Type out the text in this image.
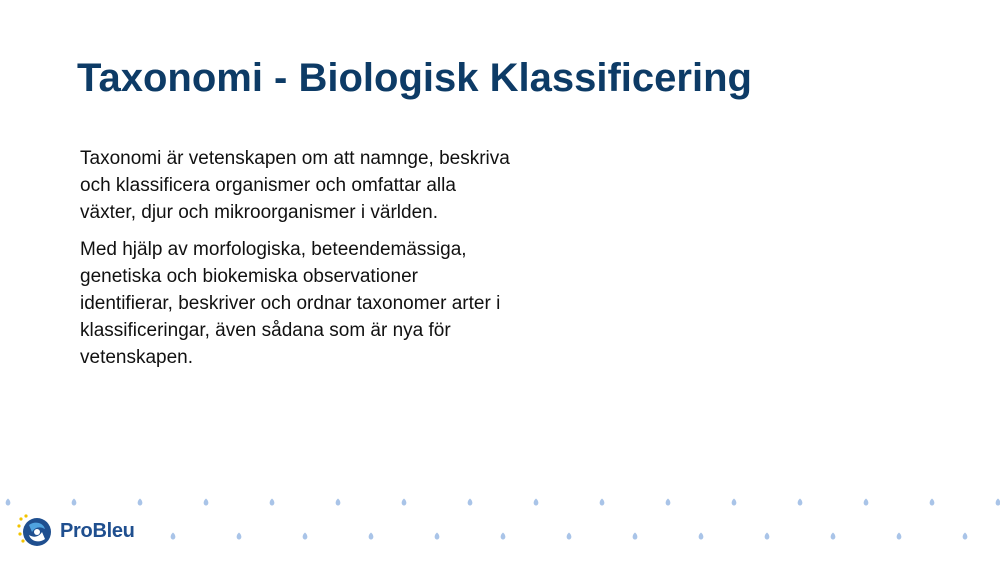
Taxonomi - Biologisk Klassificering

Taxonomi är vetenskapen om att namnge, beskriva och klassificera organismer och omfattar alla växter, djur och mikroorganismer i världen.

Med hjälp av morfologiska, beteendemässiga, genetiska och biokemiska observationer identifierar, beskriver och ordnar taxonomer arter i klassificeringar, även sådana som är nya för vetenskapen.

ProBleu
